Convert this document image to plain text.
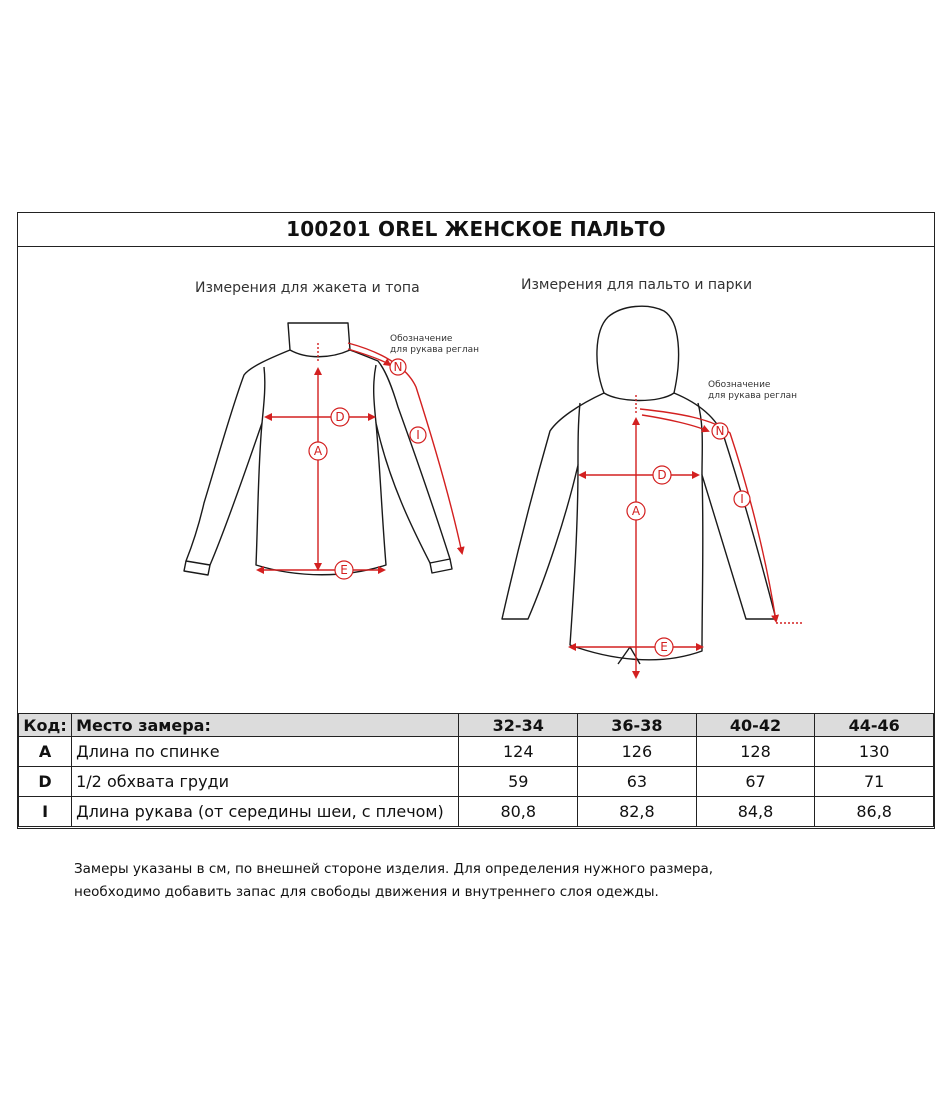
100201 OREL ЖЕНСКОЕ ПАЛЬТО
Измерения для жакета и топа	Измерения для пальто и парки
Обозначение
для рукава реглан
Обозначение
для рукава реглан
A
D
E
N
I
A
D
E
N
I
Код:	Место замера:	32-34	36-38	40-42	44-46
A	Длина по спинке	124	126	128	130
D	1/2 обхвата груди	59	63	67	71
I	Длина рукава (от середины шеи, с плечом)	80,8	82,8	84,8	86,8
Замеры указаны в см, по внешней стороне изделия. Для определения нужного размера,
необходимо добавить запас для свободы движения и внутреннего слоя одежды.
